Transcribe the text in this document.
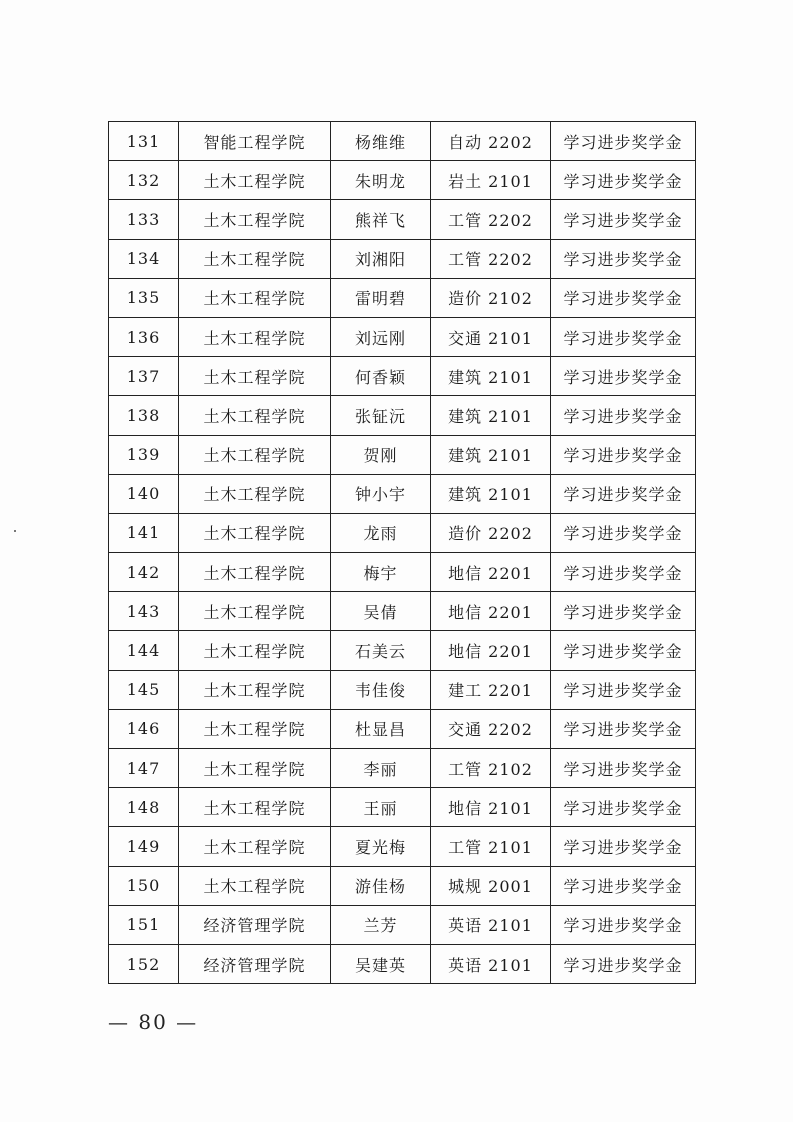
131	智能工程学院	杨维维	自动 2202	学习进步奖学金
132	土木工程学院	朱明龙	岩土 2101	学习进步奖学金
133	土木工程学院	熊祥飞	工管 2202	学习进步奖学金
134	土木工程学院	刘湘阳	工管 2202	学习进步奖学金
135	土木工程学院	雷明碧	造价 2102	学习进步奖学金
136	土木工程学院	刘远刚	交通 2101	学习进步奖学金
137	土木工程学院	何香颖	建筑 2101	学习进步奖学金
138	土木工程学院	张钲沅	建筑 2101	学习进步奖学金
139	土木工程学院	贺刚	建筑 2101	学习进步奖学金
140	土木工程学院	钟小宇	建筑 2101	学习进步奖学金
141	土木工程学院	龙雨	造价 2202	学习进步奖学金
142	土木工程学院	梅宇	地信 2201	学习进步奖学金
143	土木工程学院	吴倩	地信 2201	学习进步奖学金
144	土木工程学院	石美云	地信 2201	学习进步奖学金
145	土木工程学院	韦佳俊	建工 2201	学习进步奖学金
146	土木工程学院	杜显昌	交通 2202	学习进步奖学金
147	土木工程学院	李丽	工管 2102	学习进步奖学金
148	土木工程学院	王丽	地信 2101	学习进步奖学金
149	土木工程学院	夏光梅	工管 2101	学习进步奖学金
150	土木工程学院	游佳杨	城规 2001	学习进步奖学金
151	经济管理学院	兰芳	英语 2101	学习进步奖学金
152	经济管理学院	吴建英	英语 2101	学习进步奖学金
— 80 —
